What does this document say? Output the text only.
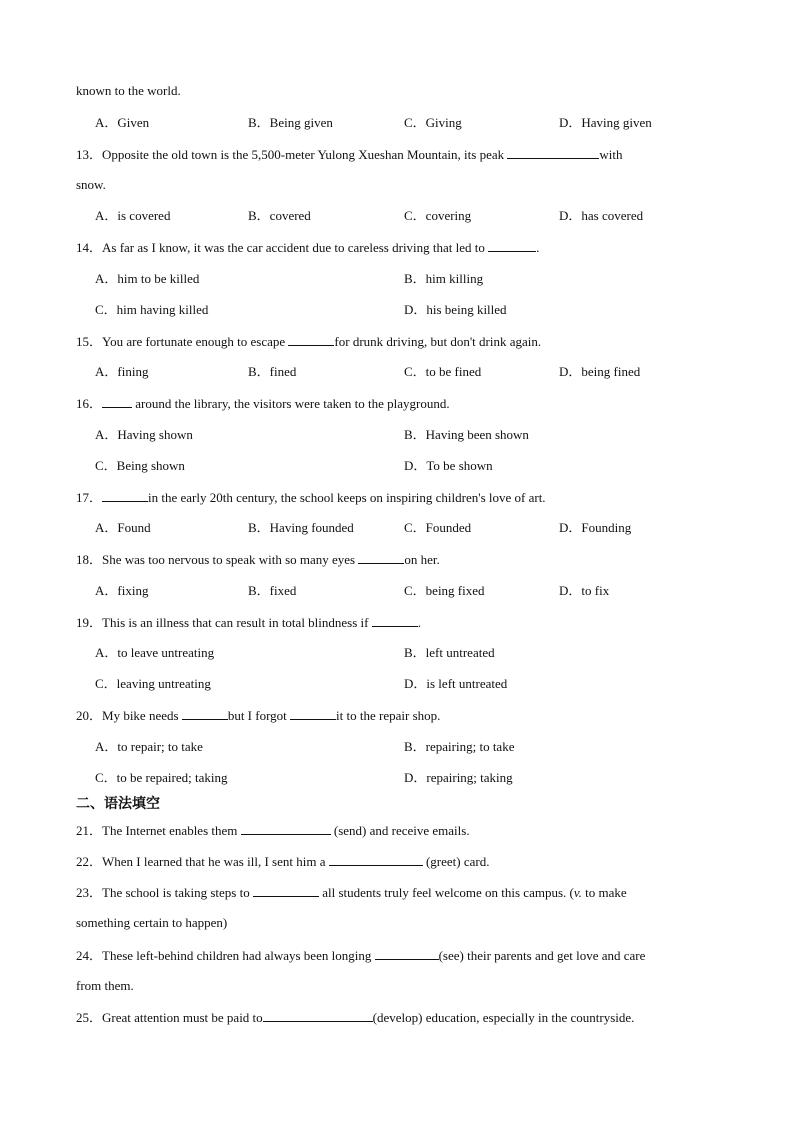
known to the world.
A．Given	B．Being given	C．Giving	D．Having given
13．Opposite the old town is the 5,500-meter Yulong Xueshan Mountain, its peak	with
snow.
A．is covered	B．covered	C．covering	D．has covered
14．As far as I know, it was the car accident due to careless driving that led to	.
A．him to be killed	B．him killing
C．him having killed	D．his being killed
15．You are fortunate enough to escape	for drunk driving, but don't drink again.
A．fining	B．fined	C．to be fined	D．being fined
16． around the library, the visitors were taken to the playground.
A．Having shown	B．Having been shown
C．Being shown	D．To be shown
17．	in the early 20th century, the school keeps on inspiring children's love of art.
A．Found	B．Having founded	C．Founded	D．Founding
18．She was too nervous to speak with so many eyes	on her.
A．fixing	B．fixed	C．being fixed	D．to fix
19．This is an illness that can result in total blindness if	.
A．to leave untreating	B．left untreated
C．leaving untreating	D．is left untreated
20．My bike needs	but I forgot	it to the repair shop.
A．to repair; to take	B．repairing; to take
C．to be repaired; taking	D．repairing; taking
二、语法填空
21．The Internet enables them	(send) and receive emails.
22．When I learned that he was ill, I sent him a	(greet) card.
23．The school is taking steps to	all students truly feel welcome on this campus. (v. to make
something certain to happen)
24．These left-behind children had always been longing	(see) their parents and get love and care
from them.
25．Great attention must be paid to	(develop) education, especially in the countryside.
